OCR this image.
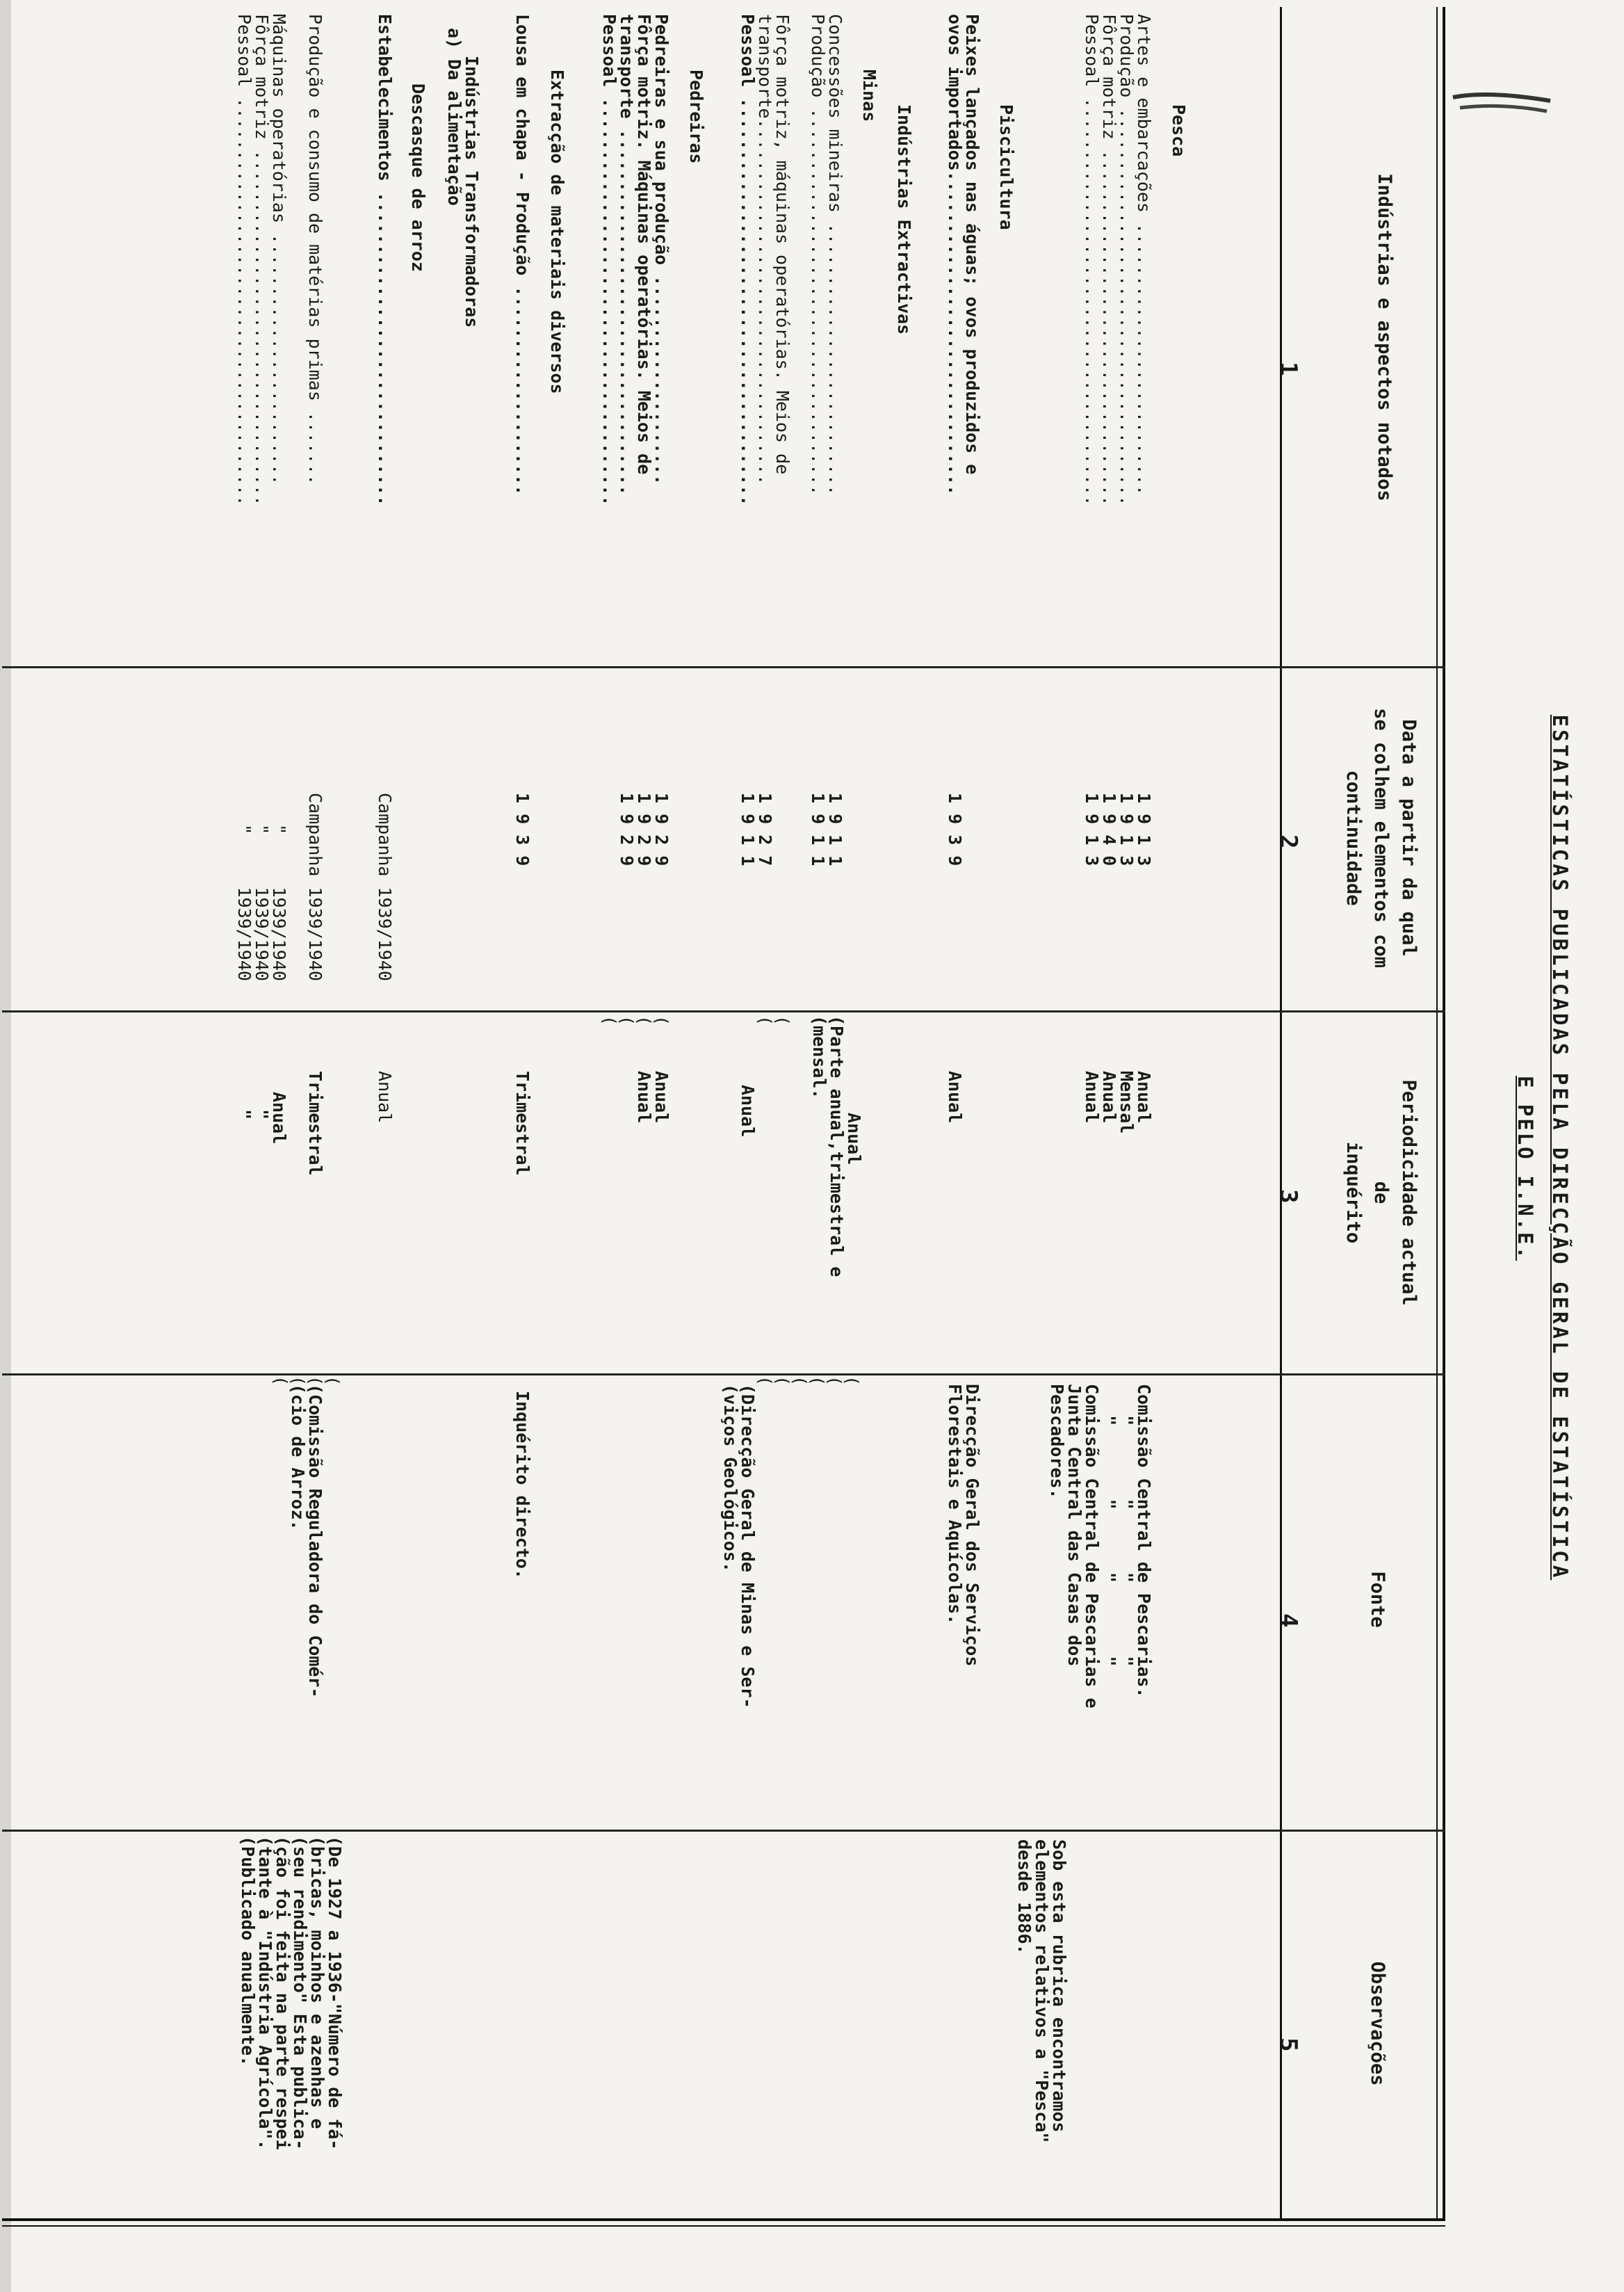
ESTATÍSTICAS PUBLICADAS PELA DIRECÇÃO GERAL DE ESTATÍSTICA
E PELO I.N.E.
Indústrias e aspectos notados
Data a partir da qual
se colhem elementos com
continuidade
Periodicidade actual
de
inquérito
Fonte
Observações
1
2
3
4
5
Pesca
Artes e embarcações ..........................
Produção ......................................
Fôrça motriz ..................................
Pessoal .......................................
Piscicultura
Peixes lançados nas águas; ovos produzidos e
ovos importados...............................
Indústrias Extractivas
Minas
Concessões mineiras ..........................
Produção .....................................
Fôrça motriz, máquinas operatórias. Meios de
transporte...................................
Pessoal .......................................
Pedreiras
Pedreiras e sua produção ....................
Fôrça motriz. Máquinas operatórias. Meios de
transporte ...................................
Pessoal .......................................
Extracção de materiais diversos
Lousa em chapa - Produção ....................
Indústrias Transformadoras
a) Da alimentação
Descasque de arroz
Estabelecimentos ..............................
Produção e consumo de matérias primas .......
Máquinas operatórias ........................
Fôrça motriz ..................................
Pessoal .......................................
1 9 1 3
1 9 1 3
1 9 4 0
1 9 1 3
1 9 3 9
1 9 1 1
1 9 1 1
1 9 2 7
1 9 1 1
1 9 2 9
1 9 2 9
1 9 2 9
1 9 3 9
Campanha 1939/1940
Campanha 1939/1940
"     1939/1940
"     1939/1940
"     1939/1940
Anual
Mensal
Anual
Anual
Anual
Anual
(Parte anual,trimestral e
(mensal.
(
(
Anual
(
(
(
(
Anual
Anual
Trimestral
Anual
Trimestral
Anual
"
"
Comissão Central de Pescarias.
"       "      "       "
"       "      "       "
Comissão Central de Pescarias e
Junta Central das Casas dos
Pescadores.
Direcção Geral dos Serviços
Florestais e Aquícolas.
(
(
(
(
(
(
(Direcção Geral de Minas e Ser-
(viços Geológicos.
Inquérito directo.
(
(
(
(
(Comissão Reguladora do Comér-
(cio de Arroz.
Sob esta rubrica encontramos
elementos relativos a "Pesca"
desde 1886.
(De 1927 a 1936-"Número de fá-
(bricas, moinhos e azenhas e
(seu rendimento" Esta publica-
(ção foi feita na parte respei
(tante à "Indústria Agrícola".
(Publicado anualmente.
